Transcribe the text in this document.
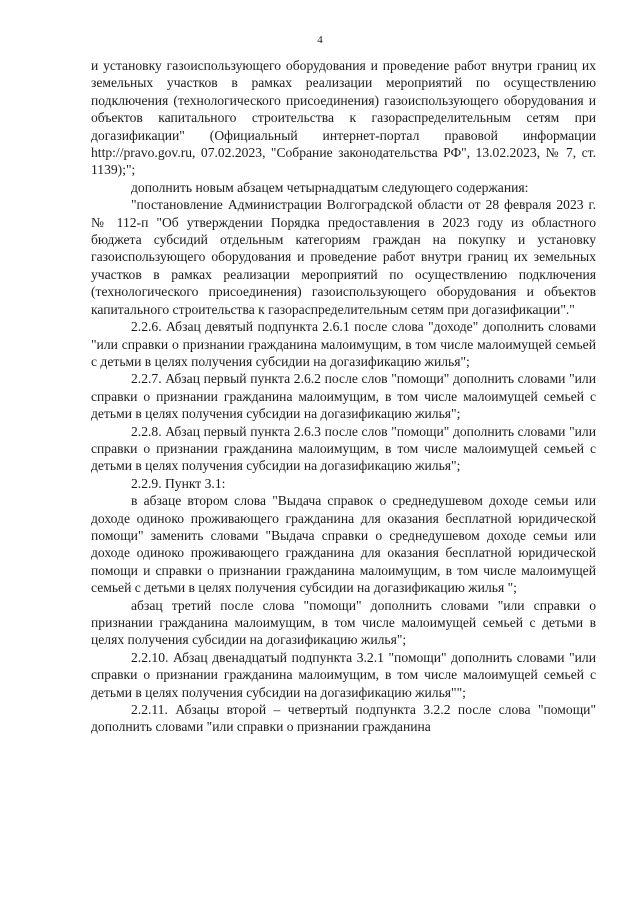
4

и установку газоиспользующего оборудования и проведение работ внутри границ их земельных участков в рамках реализации мероприятий по осуществлению подключения (технологического присоединения) газоиспользующего оборудования и объектов капитального строительства к газораспределительным сетям при догазификации" (Официальный интернет-портал правовой информации http://pravo.gov.ru, 07.02.2023, "Собрание законодательства РФ", 13.02.2023, № 7, ст. 1139);";

дополнить новым абзацем четырнадцатым следующего содержания:

"постановление Администрации Волгоградской области от 28 февраля 2023 г. № 112-п "Об утверждении Порядка предоставления в 2023 году из областного бюджета субсидий отдельным категориям граждан на покупку и установку газоиспользующего оборудования и проведение работ внутри границ их земельных участков в рамках реализации мероприятий по осуществлению подключения (технологического присоединения) газоиспользующего оборудования и объектов капитального строительства к газораспределительным сетям при догазификации"."

2.2.6. Абзац девятый подпункта 2.6.1 после слова "доходе" дополнить словами "или справки о признании гражданина малоимущим, в том числе малоимущей семьей с детьми в целях получения субсидии на догазификацию жилья";

2.2.7. Абзац первый пункта 2.6.2 после слов "помощи" дополнить словами "или справки о признании гражданина малоимущим, в том числе малоимущей семьей с детьми в целях получения субсидии на догазификацию жилья";

2.2.8. Абзац первый пункта 2.6.3 после слов "помощи" дополнить словами "или справки о признании гражданина малоимущим, в том числе малоимущей семьей с детьми в целях получения субсидии на догазификацию жилья";

2.2.9. Пункт 3.1:

в абзаце втором слова "Выдача справок о среднедушевом доходе семьи или доходе одиноко проживающего гражданина для оказания бесплатной юридической помощи" заменить словами "Выдача справки о среднедушевом доходе семьи или доходе одиноко проживающего гражданина для оказания бесплатной юридической помощи и справки о признании гражданина малоимущим, в том числе малоимущей семьей с детьми в целях получения субсидии на догазификацию жилья ";

абзац третий после слова "помощи" дополнить словами "или справки о признании гражданина малоимущим, в том числе малоимущей семьей с детьми в целях получения субсидии на догазификацию жилья";

2.2.10. Абзац двенадцатый подпункта 3.2.1 "помощи" дополнить словами "или справки о признании гражданина малоимущим, в том числе малоимущей семьей с детьми в целях получения субсидии на догазификацию жилья"";

2.2.11. Абзацы второй – четвертый подпункта 3.2.2 после слова "помощи" дополнить словами "или справки о признании гражданина
